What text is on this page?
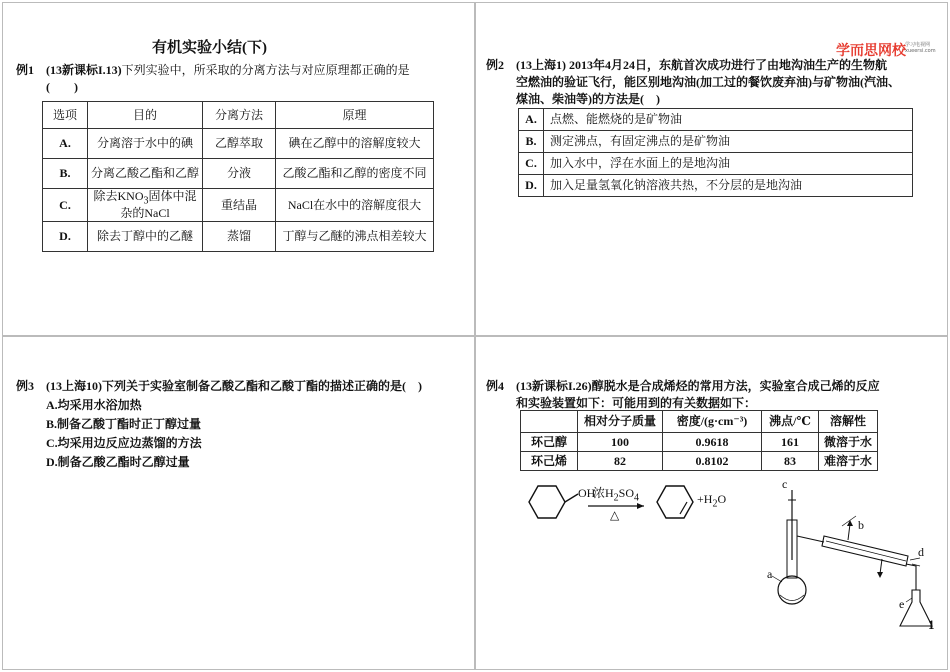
学而思网校 学习电视网
xueersi.com
有机实验小结(下)
例1 (13新课标I.13)下列实验中，所采取的分离方法与对应原理都正确的是
(　　)
选项	目的	分离方法	原理
A.	分离溶于水中的碘	乙醇萃取	碘在乙醇中的溶解度较大
B.	分离乙酸乙酯和乙醇	分液	乙酸乙酯和乙醇的密度不同
C.	除去$KNO_3$固体中混杂的NaCl	重结晶	NaCl在水中的溶解度很大
D.	除去丁醇中的乙醚	蒸馏	丁醇与乙醚的沸点相差较大
例2 (13上海1) 2013年4月24日，东航首次成功进行了由地沟油生产的生物航
空燃油的验证飞行，能区别地沟油(加工过的餐饮废弃油)与矿物油(汽油、
煤油、柴油等)的方法是(　)
A.	点燃、能燃烧的是矿物油
B.	测定沸点，有固定沸点的是矿物油
C.	加入水中，浮在水面上的是地沟油
D.	加入足量氢氧化钠溶液共热，不分层的是地沟油
例3 (13上海10)下列关于实验室制备乙酸乙酯和乙酸丁酯的描述正确的是(　)
A.均采用水浴加热
B.制备乙酸丁酯时正丁醇过量
C.均采用边反应边蒸馏的方法
D.制备乙酸乙酯时乙醇过量
例4 (13新课标I.26)醇脱水是合成烯烃的常用方法，实验室合成己烯的反应
和实验装置如下：可能用到的有关数据如下：
	相对分子质量	密度/(g·cm⁻³)	沸点/℃	溶解性
环己醇	100	0.9618	161	微溶于水
环己烯	82	0.8102	83	难溶于水
OH
浓$H_2SO_4$
△
$+H_2O$
a
b
c
d
e
1
